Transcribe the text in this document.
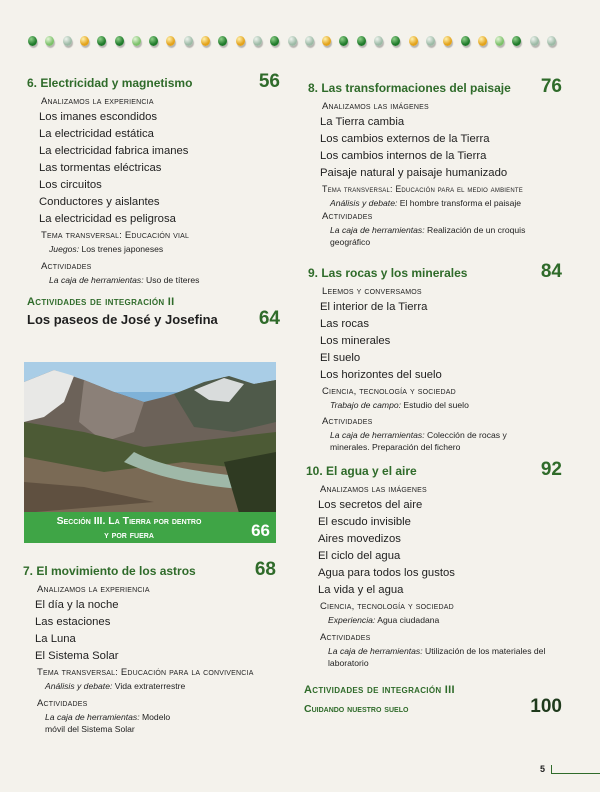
6. Electricidad y magnetismo	56
Analizamos la experiencia
Los imanes escondidos
La electricidad estática
La electricidad fabrica imanes
Las tormentas eléctricas
Los circuitos
Conductores y aislantes
La electricidad es peligrosa
Tema transversal: Educación vial
Juegos: Los trenes japoneses
Actividades
La caja de herramientas: Uso de títeres
Actividades de integración II
Los paseos de José y Josefina 64
Sección III. La Tierra por dentro
y por fuera	66
7. El movimiento de los astros	68
Analizamos la experiencia
El día y la noche
Las estaciones
La Luna
El Sistema Solar
Tema transversal: Educación para la convivencia
Análisis y debate: Vida extraterrestre
Actividades
La caja de herramientas: Modelo móvil del Sistema Solar
8. Las transformaciones del paisaje 76
Analizamos las imágenes
La Tierra cambia
Los cambios externos de la Tierra
Los cambios internos de la Tierra
Paisaje natural y paisaje humanizado
Tema transversal: Educación para el medio ambiente
Análisis y debate: El hombre transforma el paisaje
Actividades
La caja de herramientas: Realización de un croquis geográfico
9. Las rocas y los minerales	84
Leemos y conversamos
El interior de la Tierra
Las rocas
Los minerales
El suelo
Los horizontes del suelo
Ciencia, tecnología y sociedad
Trabajo de campo: Estudio del suelo
Actividades
La caja de herramientas: Colección de rocas y minerales. Preparación del fichero
10. El agua y el aire	92
Analizamos las imágenes
Los secretos del aire
El escudo invisible
Aires movedizos
El ciclo del agua
Agua para todos los gustos
La vida y el agua
Ciencia, tecnología y sociedad
Experiencia: Agua ciudadana
Actividades
La caja de herramientas: Utilización de los materiales del laboratorio
Actividades de integración III
Cuidando nuestro suelo	100
5
